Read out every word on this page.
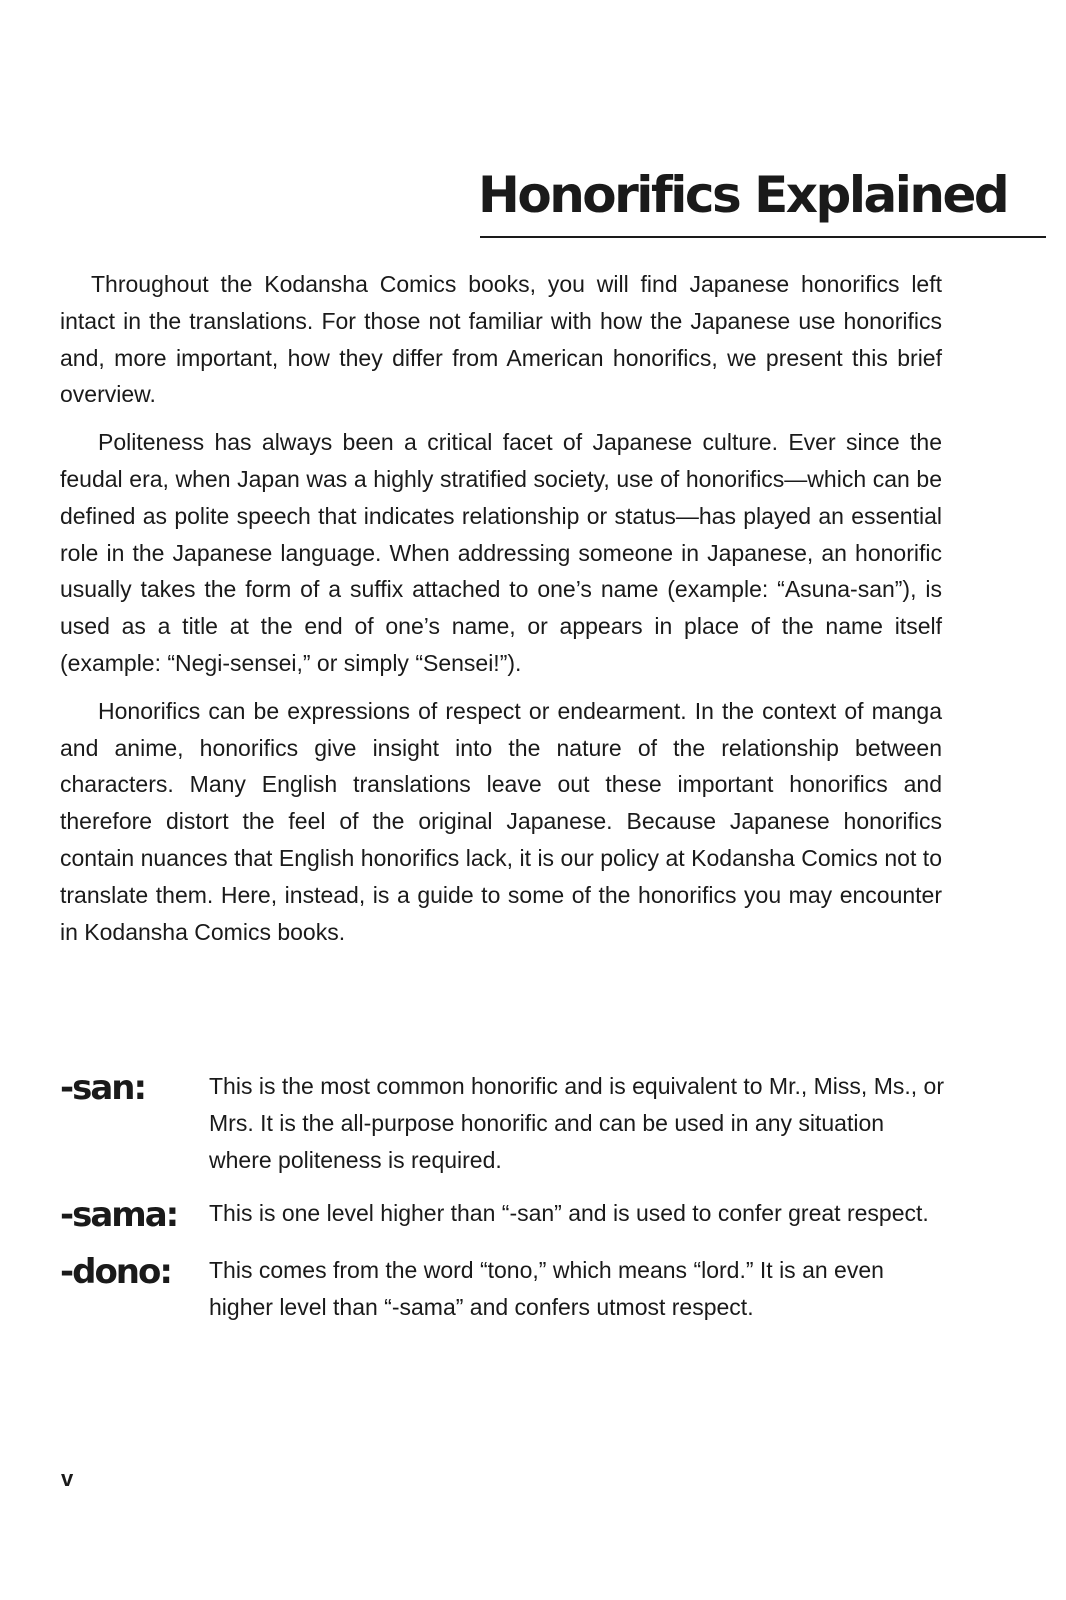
Honorifics Explained

Throughout the Kodansha Comics books, you will find Japanese honorifics left intact in the translations. For those not familiar with how the Japanese use honorifics and, more important, how they differ from American honorifics, we present this brief overview.

Politeness has always been a critical facet of Japanese culture. Ever since the feudal era, when Japan was a highly stratified society, use of honorifics—which can be defined as polite speech that indicates relationship or status—has played an essential role in the Japanese language. When addressing someone in Japanese, an honorific usually takes the form of a suffix attached to one’s name (example: “Asuna-san”), is used as a title at the end of one’s name, or appears in place of the name itself (example: “Negi-sensei,” or simply “Sensei!”).

Honorifics can be expressions of respect or endearment. In the context of manga and anime, honorifics give insight into the nature of the relationship between characters. Many English translations leave out these important honorifics and therefore distort the feel of the original Japanese. Because Japanese honorifics contain nuances that English honorifics lack, it is our policy at Kodansha Comics not to translate them. Here, instead, is a guide to some of the honorifics you may encounter in Kodansha Comics books.

-san:	This is the most common honorific and is equivalent to Mr., Miss, Ms., or Mrs. It is the all-purpose honorific and can be used in any situation where politeness is required.

-sama:	This is one level higher than “-san” and is used to confer great respect.

-dono:	This comes from the word “tono,” which means “lord.” It is an even higher level than “-sama” and confers utmost respect.

v
